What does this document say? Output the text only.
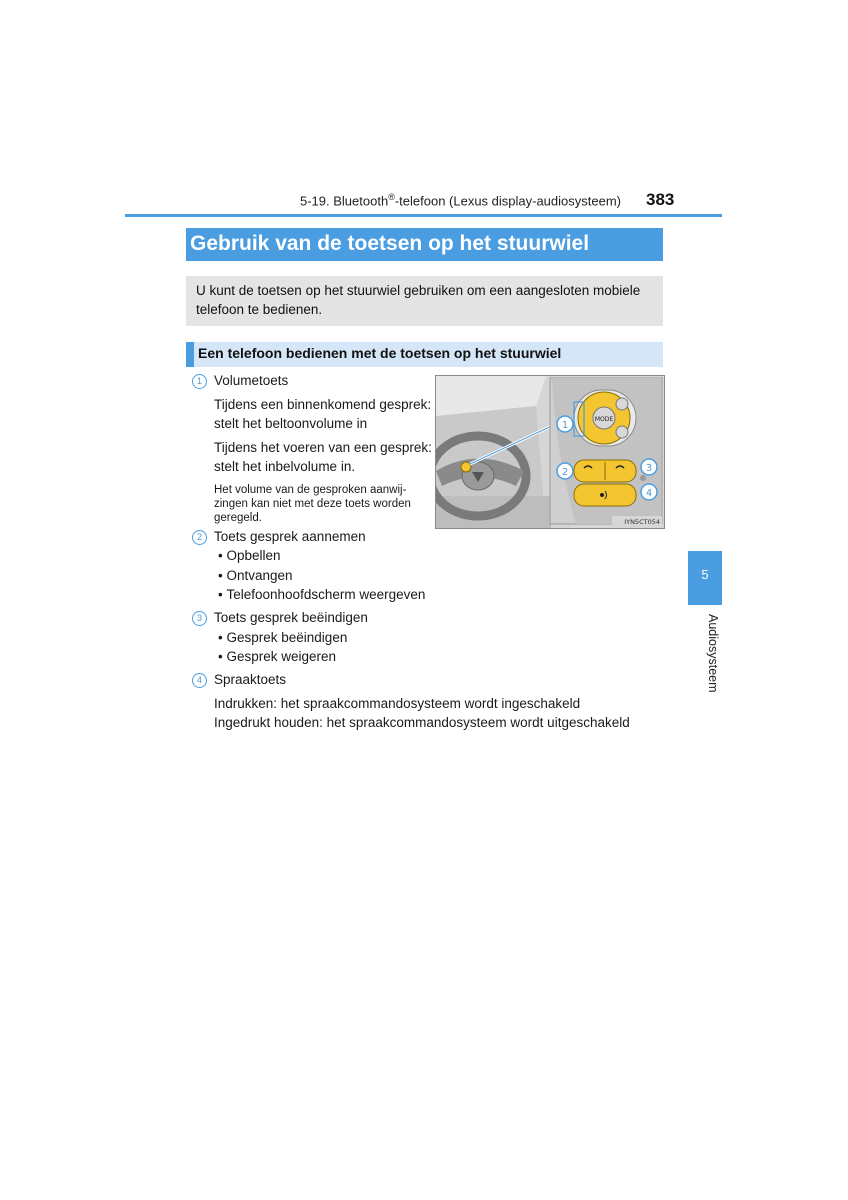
5-19. Bluetooth®-telefoon (Lexus display-audiosysteem) 383
5
Audiosysteem
Gebruik van de toetsen op het stuurwiel
U kunt de toetsen op het stuurwiel gebruiken om een aangesloten mobiele
telefoon te bedienen.
Een telefoon bedienen met de toetsen op het stuurwiel
1 Volumetoets
Tijdens een binnenkomend gesprek:
stelt het beltoonvolume in
Tijdens het voeren van een gesprek:
stelt het inbelvolume in.
Het volume van de gesproken aanwij-
zingen kan niet met deze toets worden
geregeld.
2 Toets gesprek aannemen
• Opbellen
• Ontvangen
• Telefoonhoofdscherm weergeven
3 Toets gesprek beëindigen
• Gesprek beëindigen
• Gesprek weigeren
4 Spraaktoets
Indrukken: het spraakcommandosysteem wordt ingeschakeld
Ingedrukt houden: het spraakcommandosysteem wordt uitgeschakeld
MODE
1
2	3
4
IYN5CT054
